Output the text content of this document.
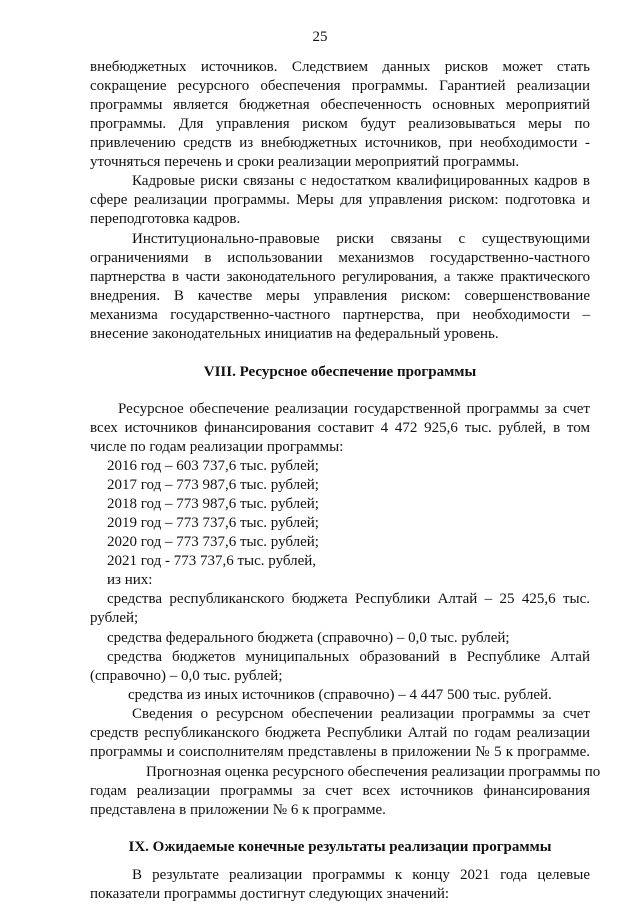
25
внебюджетных источников. Следствием данных рисков может стать
сокращение ресурсного обеспечения программы. Гарантией реализации
программы является бюджетная обеспеченность основных мероприятий
программы. Для управления риском будут реализовываться меры по
привлечению средств из внебюджетных источников, при необходимости -
уточняться перечень и сроки реализации мероприятий программы.
Кадровые риски связаны с недостатком квалифицированных кадров в
сфере реализации программы. Меры для управления риском: подготовка и
переподготовка кадров.
Институционально-правовые риски связаны с существующими
ограничениями в использовании механизмов государственно-частного
партнерства в части законодательного регулирования, а также практического
внедрения. В качестве меры управления риском: совершенствование
механизма государственно-частного партнерства, при необходимости –
внесение законодательных инициатив на федеральный уровень.
VIII. Ресурсное обеспечение программы
Ресурсное обеспечение реализации государственной программы за счет
всех источников финансирования составит 4 472 925,6 тыс. рублей, в том
числе по годам реализации программы:
2016 год – 603 737,6 тыс. рублей;
2017 год – 773 987,6 тыс. рублей;
2018 год – 773 987,6 тыс. рублей;
2019 год – 773 737,6 тыс. рублей;
2020 год – 773 737,6 тыс. рублей;
2021 год - 773 737,6 тыс. рублей,
из них:
средства республиканского бюджета Республики Алтай – 25 425,6 тыс.
рублей;
средства федерального бюджета (справочно) – 0,0 тыс. рублей;
средства бюджетов муниципальных образований в Республике Алтай
(справочно) – 0,0 тыс. рублей;
средства из иных источников (справочно) – 4 447 500 тыс. рублей.
Сведения о ресурсном обеспечении реализации программы за счет
средств республиканского бюджета Республики Алтай по годам реализации
программы и соисполнителям представлены в приложении № 5 к программе.
Прогнозная оценка ресурсного обеспечения реализации программы по
годам реализации программы за счет всех источников финансирования
представлена в приложении № 6 к программе.
IX. Ожидаемые конечные результаты реализации программы
В результате реализации программы к концу 2021 года целевые
показатели программы достигнут следующих значений:
